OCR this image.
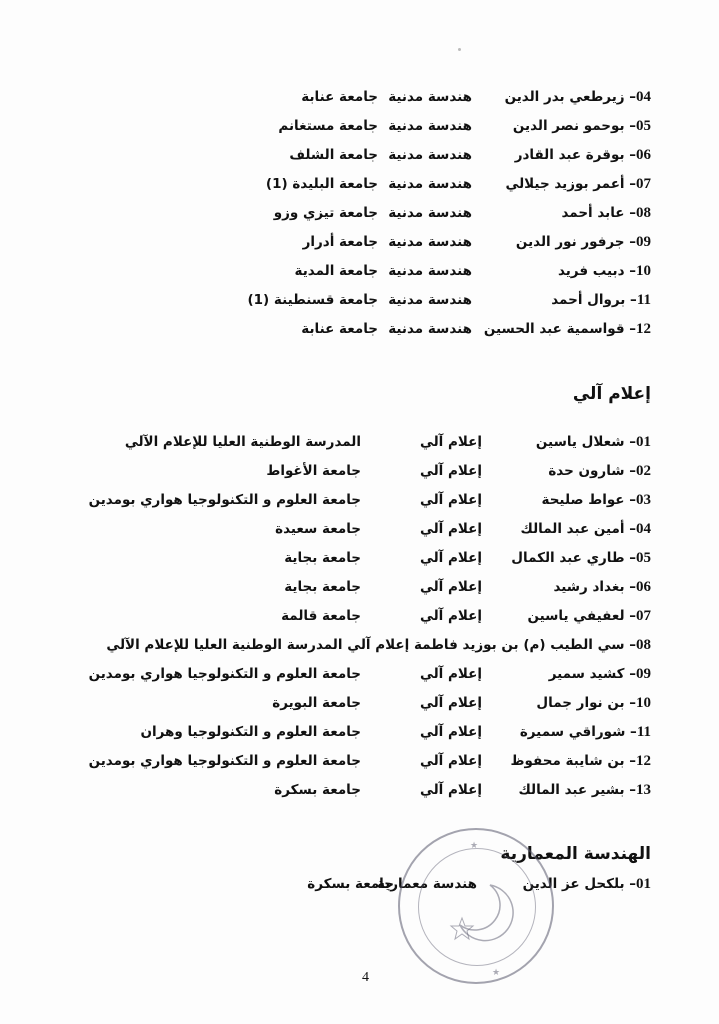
04– زيرطعي بدر الدين
هندسة مدنية
جامعة عنابة
05– بوحمو نصر الدين
هندسة مدنية
جامعة مستغانم
06– بوقرة عبد القادر
هندسة مدنية
جامعة الشلف
07– أعمر بوزيد جيلالي
هندسة مدنية
جامعة البليدة (1)
08– عابد أحمد
هندسة مدنية
جامعة تيزي وزو
09– جرفور نور الدين
هندسة مدنية
جامعة أدرار
10– دبيب فريد
هندسة مدنية
جامعة المدية
11– بروال أحمد
هندسة مدنية
جامعة قسنطينة (1)
12– قواسمية عبد الحسين
هندسة مدنية
جامعة عنابة
إعلام آلي
01– شعلال ياسين
إعلام آلي
المدرسة الوطنية العليا للإعلام الآلي
02– شارون حدة
إعلام آلي
جامعة الأغواط
03– عواط صليحة
إعلام آلي
جامعة العلوم و التكنولوجيا هواري بومدين
04– أمين عبد المالك
إعلام آلي
جامعة سعيدة
05– طاري عبد الكمال
إعلام آلي
جامعة بجاية
06– بغداد رشيد
إعلام آلي
جامعة بجاية
07– لعفيفي ياسين
إعلام آلي
جامعة قالمة
08– سي الطيب (م) بن بوزيد فاطمة إعلام آلي المدرسة الوطنية العليا للإعلام الآلي
09– كشيد سمير
إعلام آلي
جامعة العلوم و التكنولوجيا هواري بومدين
10– بن نوار جمال
إعلام آلي
جامعة البويرة
11– شوراقي سميرة
إعلام آلي
جامعة العلوم و التكنولوجيا وهران
12– بن شايبة محفوظ
إعلام آلي
جامعة العلوم و التكنولوجيا هواري بومدين
13– بشير عبد المالك
إعلام آلي
جامعة بسكرة
الهندسة المعمارية
01– بلكحل عز الدين
هندسة معمارية
جامعة بسكرة
★
★
4
